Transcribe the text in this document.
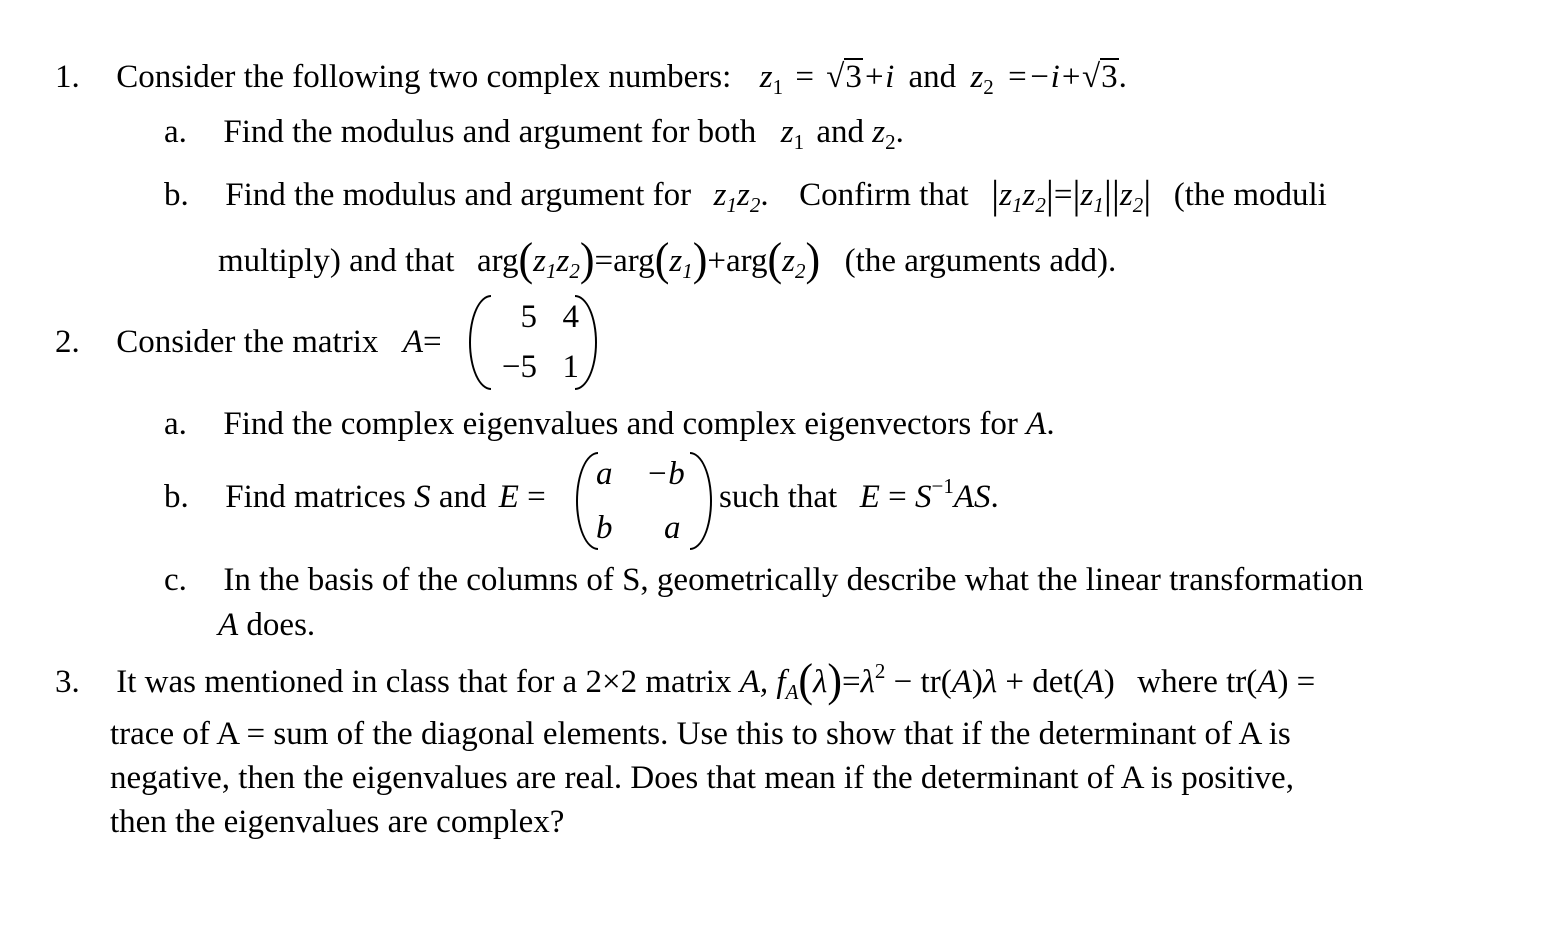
1. Consider the following two complex numbers: $z_1 = √3+i$ and $z_2 =-i+√3$.
a. Find the modulus and argument for both $z_1$ and $z_2$.
b. Find the modulus and argument for $z_1z_2$. Confirm that $|z_1z_2|=|z_1||z_2|$ (the moduli
multiply) and that $arg(z_1z_2)=arg(z_1)+arg(z_2)$ (the arguments add).
2. Consider the matrix A=
5 4
−5 1
a. Find the complex eigenvalues and complex eigenvectors for A.
b. Find matrices S and E =
a −b
b a
such that $E = S^{-1}AS$.
c. In the basis of the columns of S, geometrically describe what the linear transformation
A does.
3. It was mentioned in class that for a 2×2 matrix A, $f_A(\lambda)=\lambda^2 - tr(A)\lambda + \det(A)$ where tr(A) =
trace of A = sum of the diagonal elements. Use this to show that if the determinant of A is
negative, then the eigenvalues are real. Does that mean if the determinant of A is positive,
then the eigenvalues are complex?
